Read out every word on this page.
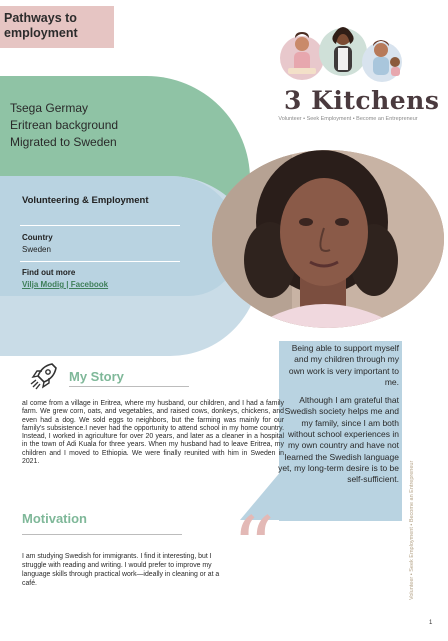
Pathways to
employment
3 Kitchens
Volunteer • Seek Employment • Become an Entrepreneur
Tsega Germay
Eritrean background
Migrated to Sweden
Volunteering & Employment
Country
Sweden
Find out more
Vilja Modig | Facebook

Being able to support myself and my children through my own work is very important to me.

Although I am grateful that Swedish society helps me and my family, since I am both without school experiences in my own country and have not learned the Swedish language yet, my long-term desire is to be self-sufficient.

“
My Story
aI come from a village in Eritrea, where my husband, our children, and I had a family farm. We grew corn, oats, and vegetables, and raised cows, donkeys, chickens, and even had a dog. We sold eggs to neighbors, but the farming was mainly for our family's subsistence.I never had the opportunity to attend school in my home country. Instead, I worked in agriculture for over 20 years, and later as a cleaner in a hospital in the town of Adi Kuala for three years. When my husband had to leave Eritrea, my children and I moved to Ethiopia. We were finally reunited with him in Sweden in 2021.
Motivation
I am studying Swedish for immigrants. I find it interesting, but I struggle with reading and writing. I would prefer to improve my language skills through practical work—ideally in cleaning or at a café.	Volunteer • Seek Employment • Become an Entrepreneur
1
